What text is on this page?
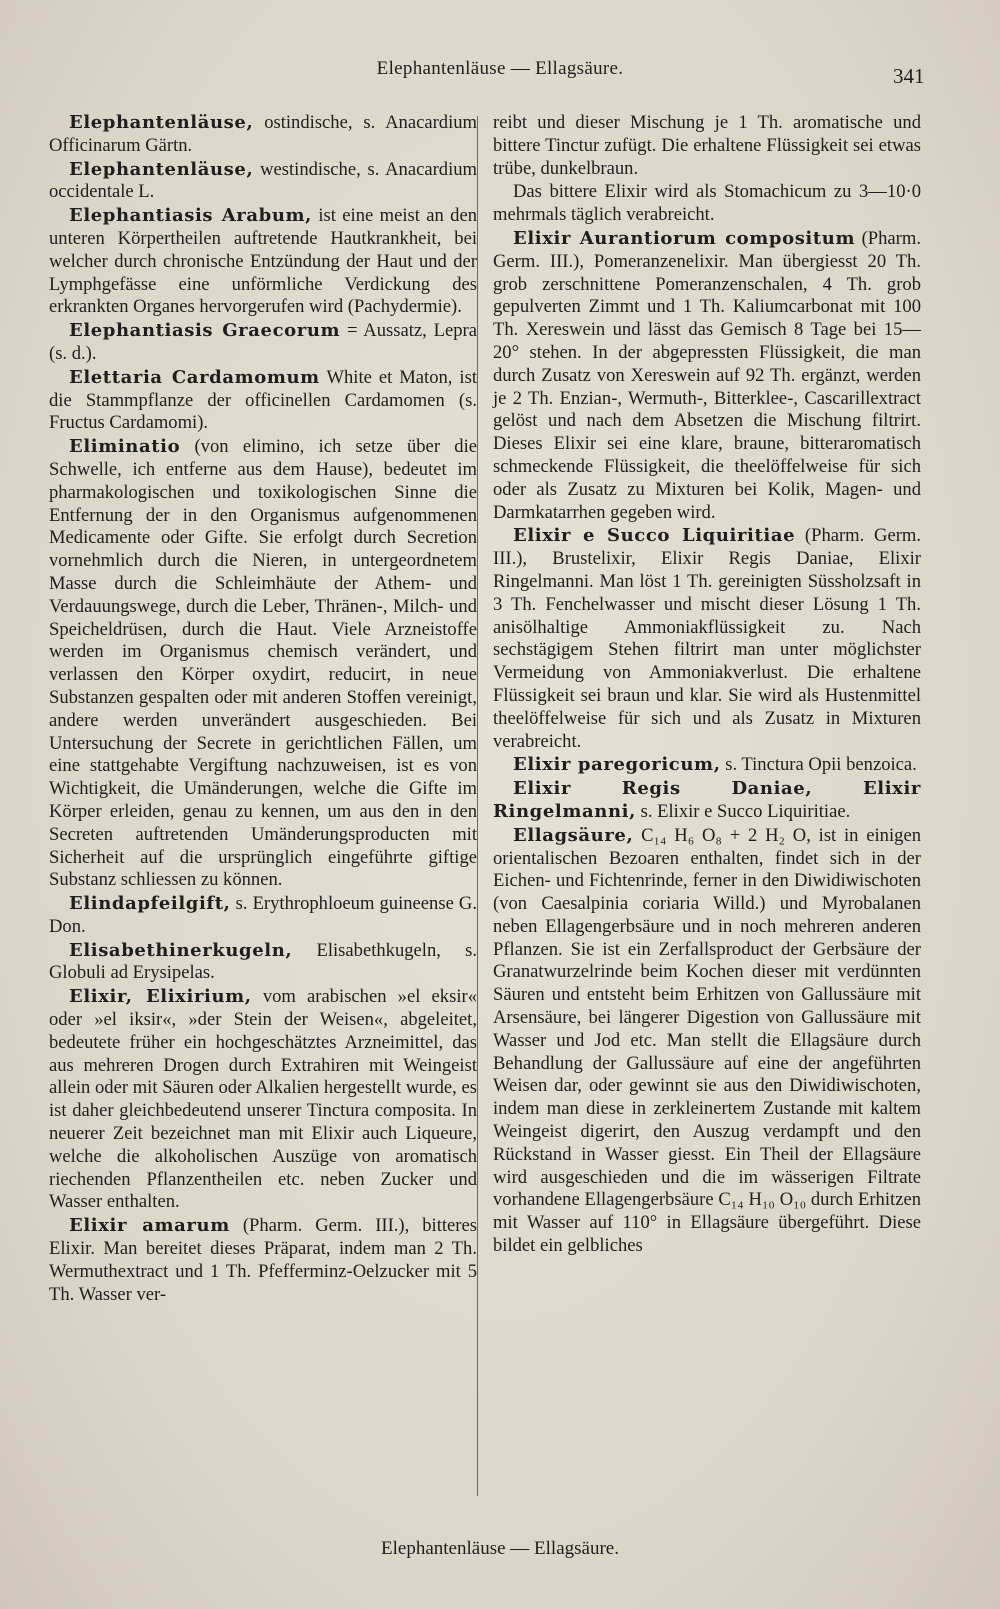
Elephantenläuse — Ellagsäure.	341

Elephantenläuse, ostindische, s. Anacardium Officinarum Gärtn.

Elephantenläuse, westindische, s. Anacardium occidentale L.

Elephantiasis Arabum, ist eine meist an den unteren Körpertheilen auftretende Hautkrankheit, bei welcher durch chronische Entzündung der Haut und der Lymphgefässe eine unförmliche Verdickung des erkrankten Organes hervorgerufen wird (Pachydermie).

Elephantiasis Graecorum = Aussatz, Lepra (s. d.).

Elettaria Cardamomum White et Maton, ist die Stammpflanze der officinellen Cardamomen (s. Fructus Cardamomi).

Eliminatio (von elimino, ich setze über die Schwelle, ich entferne aus dem Hause), bedeutet im pharmakologischen und toxikologischen Sinne die Entfernung der in den Organismus aufgenommenen Medicamente oder Gifte. Sie erfolgt durch Secretion vornehmlich durch die Nieren, in untergeordnetem Masse durch die Schleimhäute der Athem- und Verdauungswege, durch die Leber, Thränen-, Milch- und Speicheldrüsen, durch die Haut. Viele Arzneistoffe werden im Organismus chemisch verändert, und verlassen den Körper oxydirt, reducirt, in neue Substanzen gespalten oder mit anderen Stoffen vereinigt, andere werden unverändert ausgeschieden. Bei Untersuchung der Secrete in gerichtlichen Fällen, um eine stattgehabte Vergiftung nachzuweisen, ist es von Wichtigkeit, die Umänderungen, welche die Gifte im Körper erleiden, genau zu kennen, um aus den in den Secreten auftretenden Umänderungsproducten mit Sicherheit auf die ursprünglich eingeführte giftige Substanz schliessen zu können.

Elindapfeilgift, s. Erythrophloeum guineense G. Don.

Elisabethinerkugeln, Elisabethkugeln, s. Globuli ad Erysipelas.

Elixir, Elixirium, vom arabischen »el eksir« oder »el iksir«, »der Stein der Weisen«, abgeleitet, bedeutete früher ein hochgeschätztes Arzneimittel, das aus mehreren Drogen durch Extrahiren mit Weingeist allein oder mit Säuren oder Alkalien hergestellt wurde, es ist daher gleichbedeutend unserer Tinctura composita. In neuerer Zeit bezeichnet man mit Elixir auch Liqueure, welche die alkoholischen Auszüge von aromatisch riechenden Pflanzentheilen etc. neben Zucker und Wasser enthalten.

Elixir amarum (Pharm. Germ. III.), bitteres Elixir. Man bereitet dieses Präparat, indem man 2 Th. Wermuthextract und 1 Th. Pfefferminz-Oelzucker mit 5 Th. Wasser ver-

reibt und dieser Mischung je 1 Th. aromatische und bittere Tinctur zufügt. Die erhaltene Flüssigkeit sei etwas trübe, dunkelbraun.

Das bittere Elixir wird als Stomachicum zu 3—10·0 mehrmals täglich verabreicht.

Elixir Aurantiorum compositum (Pharm. Germ. III.), Pomeranzenelixir. Man übergiesst 20 Th. grob zerschnittene Pomeranzenschalen, 4 Th. grob gepulverten Zimmt und 1 Th. Kaliumcarbonat mit 100 Th. Xereswein und lässt das Gemisch 8 Tage bei 15—20° stehen. In der abgepressten Flüssigkeit, die man durch Zusatz von Xereswein auf 92 Th. ergänzt, werden je 2 Th. Enzian-, Wermuth-, Bitterklee-, Cascarillextract gelöst und nach dem Absetzen die Mischung filtrirt. Dieses Elixir sei eine klare, braune, bitteraromatisch schmeckende Flüssigkeit, die theelöffelweise für sich oder als Zusatz zu Mixturen bei Kolik, Magen- und Darmkatarrhen gegeben wird.

Elixir e Succo Liquiritiae (Pharm. Germ. III.), Brustelixir, Elixir Regis Daniae, Elixir Ringelmanni. Man löst 1 Th. gereinigten Süssholzsaft in 3 Th. Fenchelwasser und mischt dieser Lösung 1 Th. anisölhaltige Ammoniakflüssigkeit zu. Nach sechstägigem Stehen filtrirt man unter möglichster Vermeidung von Ammoniakverlust. Die erhaltene Flüssigkeit sei braun und klar. Sie wird als Hustenmittel theelöffelweise für sich und als Zusatz in Mixturen verabreicht.

Elixir paregoricum, s. Tinctura Opii benzoica.

Elixir Regis Daniae, Elixir Ringelmanni, s. Elixir e Succo Liquiritiae.

Ellagsäure, C₁₄ H₆ O₈ + 2 H₂ O, ist in einigen orientalischen Bezoaren enthalten, findet sich in der Eichen- und Fichtenrinde, ferner in den Diwidiwischoten (von Caesalpinia coriaria Willd.) und Myrobalanen neben Ellagengerbsäure und in noch mehreren anderen Pflanzen. Sie ist ein Zerfallsproduct der Gerbsäure der Granatwurzelrinde beim Kochen dieser mit verdünnten Säuren und entsteht beim Erhitzen von Gallussäure mit Arsensäure, bei längerer Digestion von Gallussäure mit Wasser und Jod etc. Man stellt die Ellagsäure durch Behandlung der Gallussäure auf eine der angeführten Weisen dar, oder gewinnt sie aus den Diwidiwischoten, indem man diese in zerkleinertem Zustande mit kaltem Weingeist digerirt, den Auszug verdampft und den Rückstand in Wasser giesst. Ein Theil der Ellagsäure wird ausgeschieden und die im wässerigen Filtrate vorhandene Ellagengerbsäure C₁₄ H₁₀ O₁₀ durch Erhitzen mit Wasser auf 110° in Ellagsäure übergeführt. Diese bildet ein gelbliches

Elephantenläuse — Ellagsäure.
